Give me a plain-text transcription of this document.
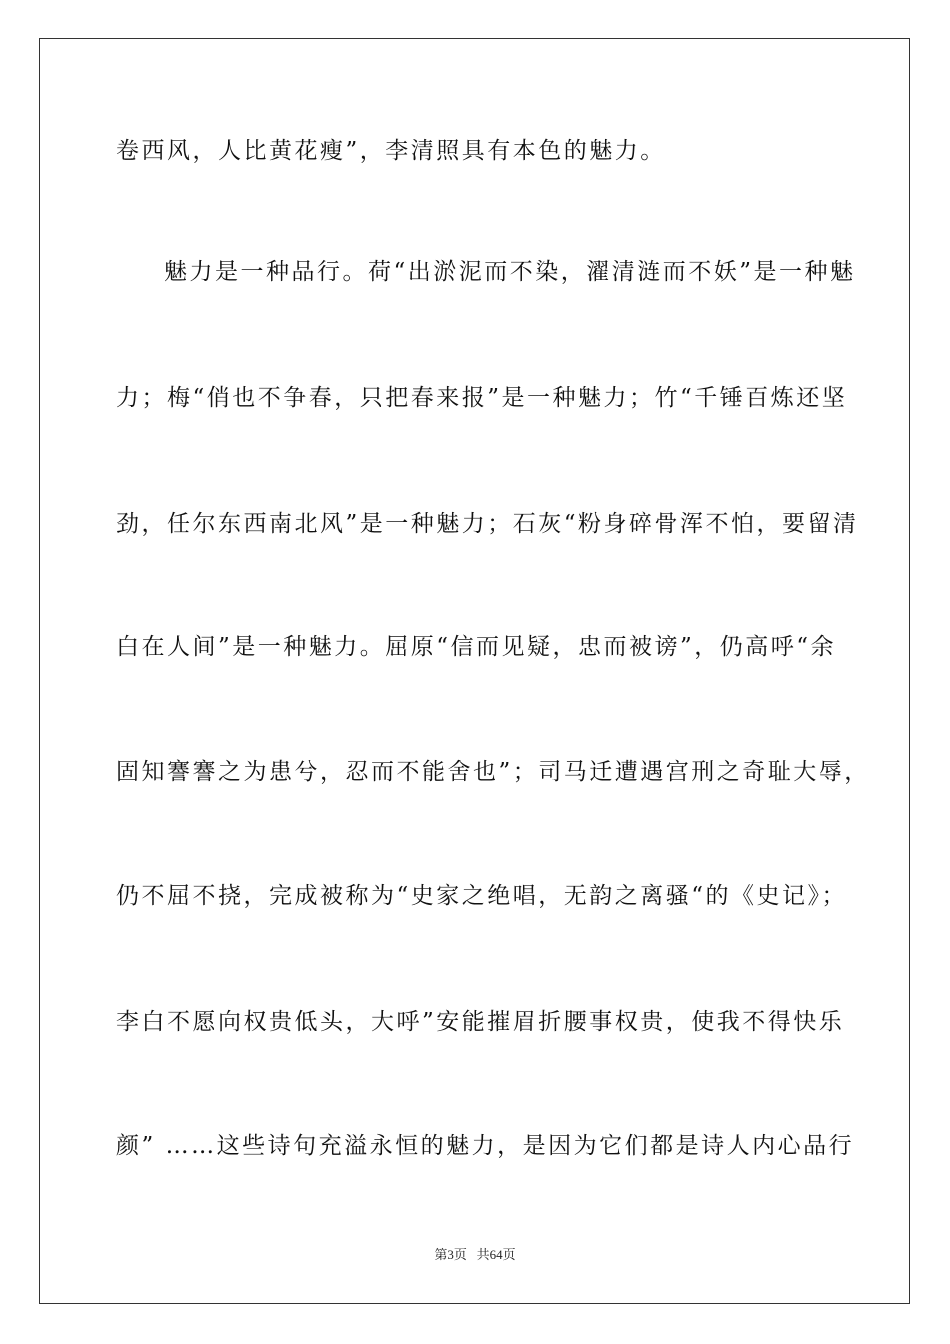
卷西风，人比黄花瘦”，李清照具有本色的魅力。
魅力是一种品行。荷“出淤泥而不染，濯清涟而不妖”是一种魅
力；梅“俏也不争春，只把春来报”是一种魅力；竹“千锤百炼还坚
劲，任尔东西南北风”是一种魅力；石灰“粉身碎骨浑不怕，要留清
白在人间”是一种魅力。屈原“信而见疑，忠而被谤”，仍高呼“余
固知謇謇之为患兮，忍而不能舍也”；司马迁遭遇宫刑之奇耻大辱，
仍不屈不挠，完成被称为“史家之绝唱，无韵之离骚“的《史记》；
李白不愿向权贵低头，大呼”安能摧眉折腰事权贵，使我不得快乐
颜” ……这些诗句充溢永恒的魅力，是因为它们都是诗人内心品行
第3页 共64页
